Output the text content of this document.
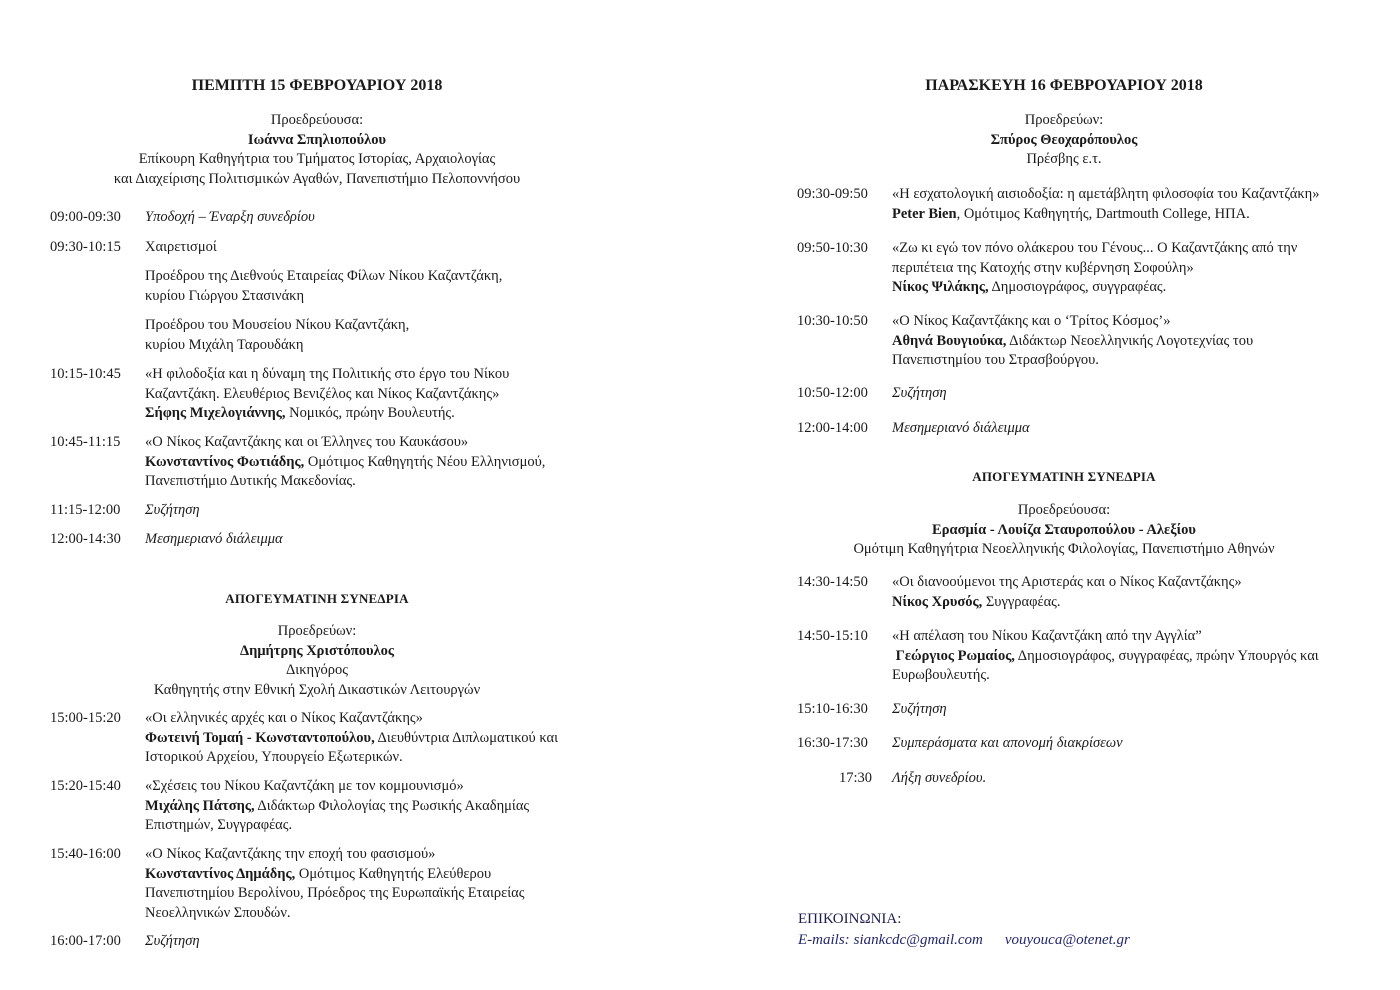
ΠΕΜΠΤΗ 15 ΦΕΒΡΟΥΑΡΙΟΥ 2018
Προεδρεύουσα:
Ιωάννα Σπηλιοπούλου
Επίκουρη Καθηγήτρια του Τμήματος Ιστορίας, Αρχαιολογίας
και Διαχείρισης Πολιτισμικών Αγαθών, Πανεπιστήμιο Πελοποννήσου
09:00-09:30	Υποδοχή – Έναρξη συνεδρίου
09:30-10:15	Χαιρετισμοί
Προέδρου της Διεθνούς Εταιρείας Φίλων Νίκου Καζαντζάκη,
κυρίου Γιώργου Στασινάκη
Προέδρου του Μουσείου Νίκου Καζαντζάκη,
κυρίου Μιχάλη Ταρουδάκη
10:15-10:45	«Η φιλοδοξία και η δύναμη της Πολιτικής στο έργο του Νίκου
Καζαντζάκη. Ελευθέριος Βενιζέλος και Νίκος Καζαντζάκης»
Σήφης Μιχελογιάννης, Νομικός, πρώην Βουλευτής.
10:45-11:15	«Ο Νίκος Καζαντζάκης και οι Έλληνες του Καυκάσου»
Κωνσταντίνος Φωτιάδης, Ομότιμος Καθηγητής Νέου Ελληνισμού,
Πανεπιστήμιο Δυτικής Μακεδονίας.
11:15-12:00	Συζήτηση
12:00-14:30	Μεσημεριανό διάλειμμα
ΑΠΟΓΕΥΜΑΤΙΝΗ ΣΥΝΕΔΡΙΑ
Προεδρεύων:
Δημήτρης Χριστόπουλος
Δικηγόρος
Καθηγητής στην Εθνική Σχολή Δικαστικών Λειτουργών
15:00-15:20	«Οι ελληνικές αρχές και ο Νίκος Καζαντζάκης»
Φωτεινή Τομαή - Κωνσταντοπούλου, Διευθύντρια Διπλωματικού και
Ιστορικού Αρχείου, Υπουργείο Εξωτερικών.
15:20-15:40	«Σχέσεις του Νίκου Καζαντζάκη με τον κομμουνισμό»
Μιχάλης Πάτσης, Διδάκτωρ Φιλολογίας της Ρωσικής Ακαδημίας
Επιστημών, Συγγραφέας.
15:40-16:00	«Ο Νίκος Καζαντζάκης την εποχή του φασισμού»
Κωνσταντίνος Δημάδης, Ομότιμος Καθηγητής Ελεύθερου
Πανεπιστημίου Βερολίνου, Πρόεδρος της Ευρωπαϊκής Εταιρείας
Νεοελληνικών Σπουδών.
16:00-17:00	Συζήτηση
ΠΑΡΑΣΚΕΥΗ 16 ΦΕΒΡΟΥΑΡΙΟΥ 2018
Προεδρεύων:
Σπύρος Θεοχαρόπουλος
Πρέσβης ε.τ.
09:30-09:50	«Η εσχατολογική αισιοδοξία: η αμετάβλητη φιλοσοφία του Καζαντζάκη»
Peter Bien, Ομότιμος Καθηγητής, Dartmouth College, ΗΠΑ.
09:50-10:30	«Ζω κι εγώ τον πόνο ολάκερου του Γένους... Ο Καζαντζάκης από την
περιπέτεια της Κατοχής στην κυβέρνηση Σοφούλη»
Νίκος Ψιλάκης, Δημοσιογράφος, συγγραφέας.
10:30-10:50	«Ο Νίκος Καζαντζάκης και ο ‘Τρίτος Κόσμος’»
Αθηνά Βουγιούκα, Διδάκτωρ Νεοελληνικής Λογοτεχνίας του
Πανεπιστημίου του Στρασβούργου.
10:50-12:00	Συζήτηση
12:00-14:00	Μεσημεριανό διάλειμμα
ΑΠΟΓΕΥΜΑΤΙΝΗ ΣΥΝΕΔΡΙΑ
Προεδρεύουσα:
Ερασμία - Λουίζα Σταυροπούλου - Αλεξίου
Ομότιμη Καθηγήτρια Νεοελληνικής Φιλολογίας, Πανεπιστήμιο Αθηνών
14:30-14:50	«Οι διανοούμενοι της Αριστεράς και ο Νίκος Καζαντζάκης»
Νίκος Χρυσός, Συγγραφέας.
14:50-15:10	«Η απέλαση του Νίκου Καζαντζάκη από την Αγγλία”
Γεώργιος Ρωμαίος, Δημοσιογράφος, συγγραφέας, πρώην Υπουργός και
Ευρωβουλευτής.
15:10-16:30	Συζήτηση
16:30-17:30	Συμπεράσματα και απονομή διακρίσεων
17:30 Λήξη συνεδρίου.
ΕΠΙΚΟΙΝΩΝΙΑ:
E-mails: siankcdc@gmail.com vouyouca@otenet.gr
